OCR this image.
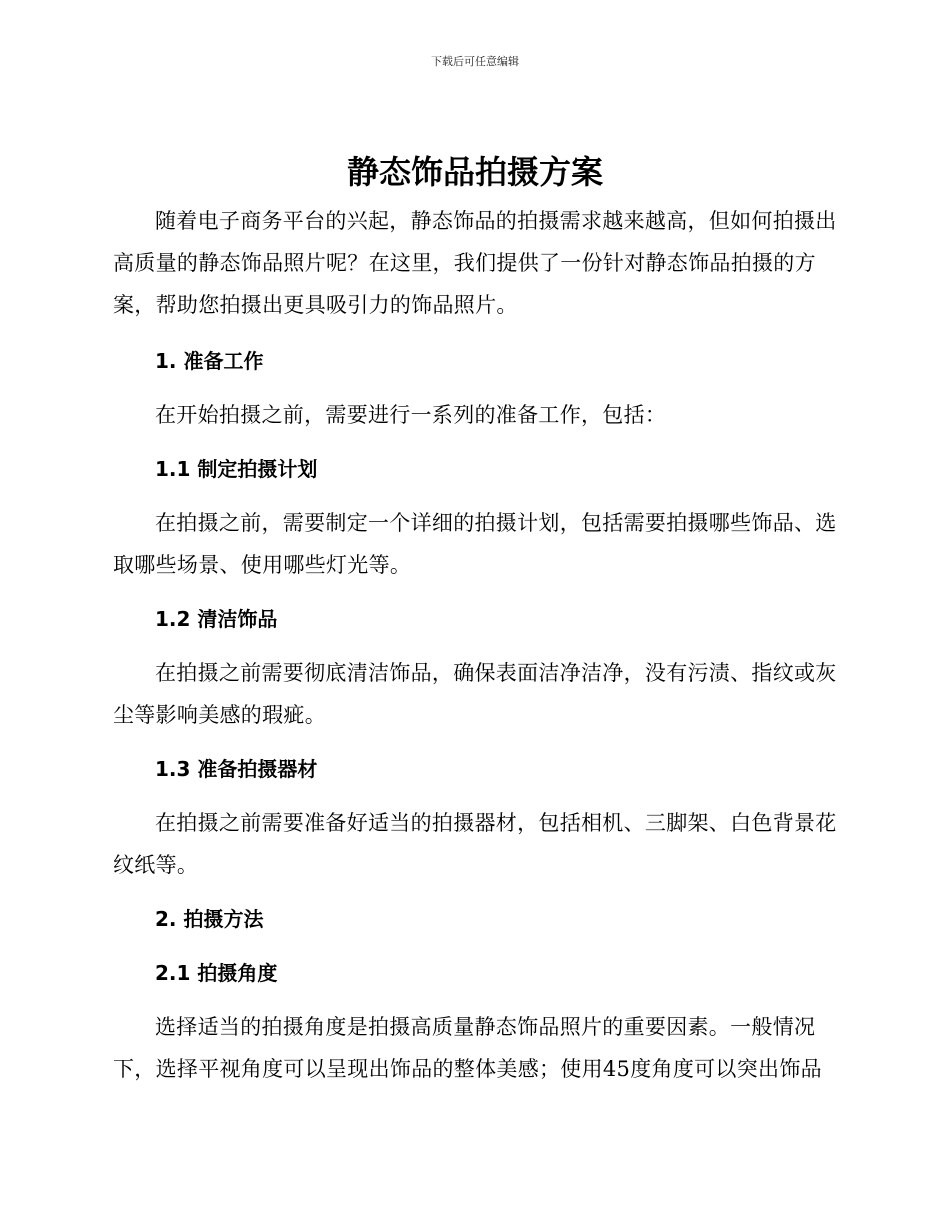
下载后可任意编辑
静态饰品拍摄方案

随着电子商务平台的兴起，静态饰品的拍摄需求越来越高，但如何拍摄出高质量的静态饰品照片呢？在这里，我们提供了一份针对静态饰品拍摄的方案，帮助您拍摄出更具吸引力的饰品照片。

1. 准备工作

在开始拍摄之前，需要进行一系列的准备工作，包括：

1.1 制定拍摄计划

在拍摄之前，需要制定一个详细的拍摄计划，包括需要拍摄哪些饰品、选取哪些场景、使用哪些灯光等。

1.2 清洁饰品

在拍摄之前需要彻底清洁饰品，确保表面洁净洁净，没有污渍、指纹或灰尘等影响美感的瑕疵。

1.3 准备拍摄器材

在拍摄之前需要准备好适当的拍摄器材，包括相机、三脚架、白色背景花纹纸等。

2. 拍摄方法
2.1 拍摄角度

选择适当的拍摄角度是拍摄高质量静态饰品照片的重要因素。一般情况下，选择平视角度可以呈现出饰品的整体美感；使用45度角度可以突出饰品
